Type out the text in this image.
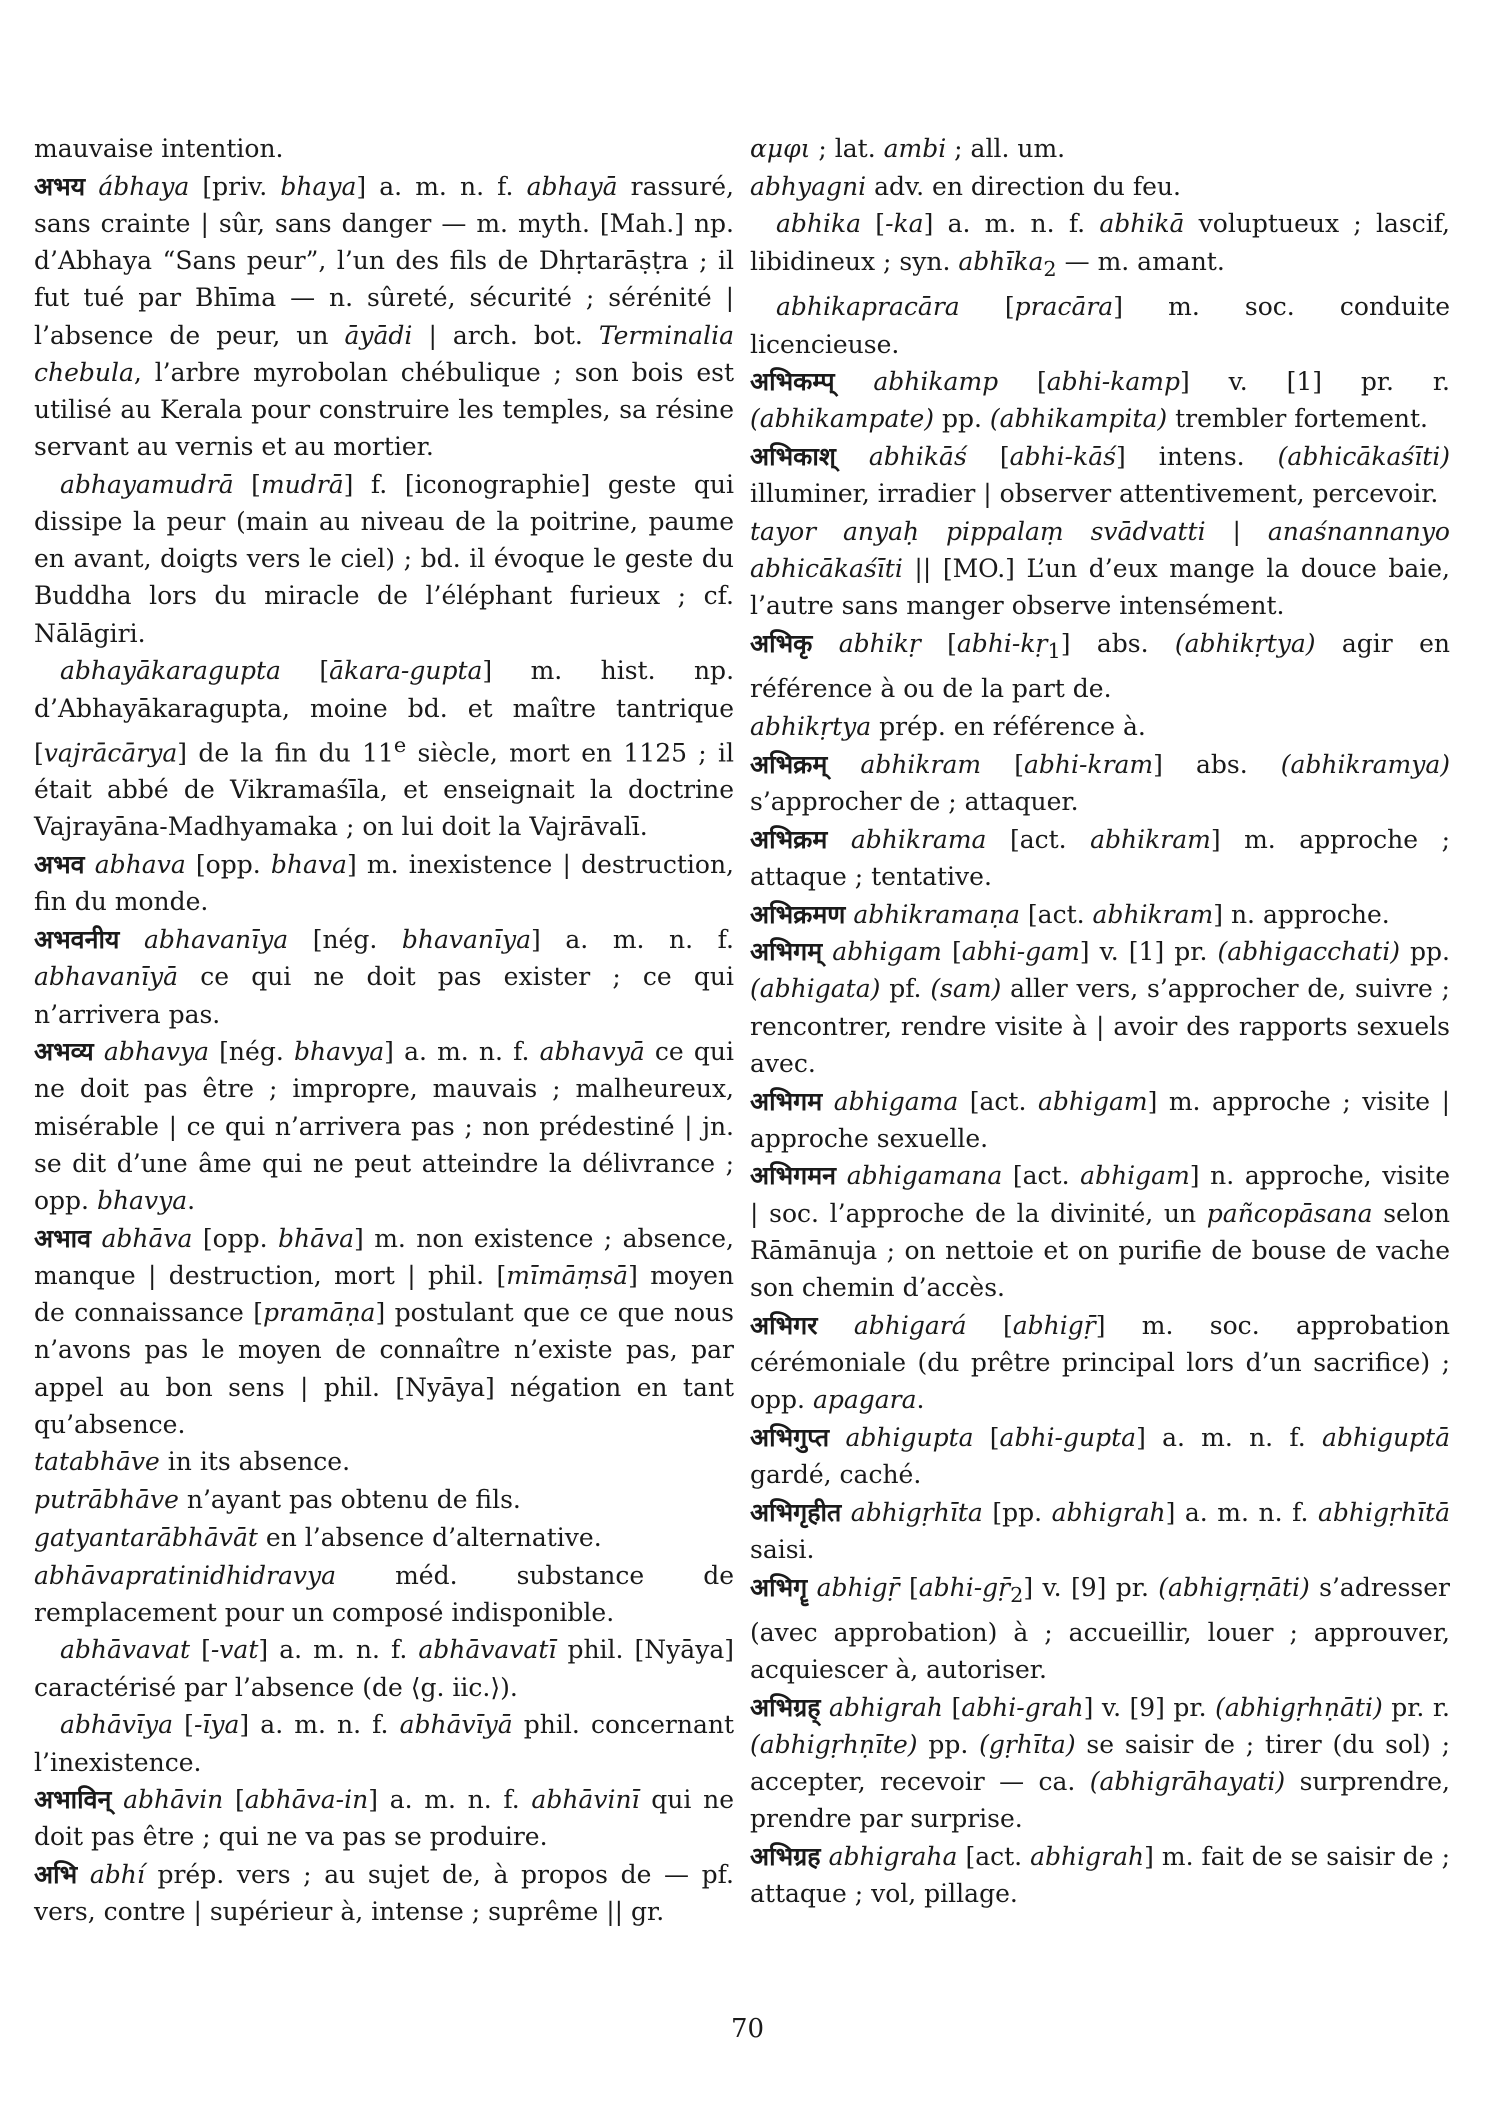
mauvaise intention.

अभय ábhaya [priv. bhaya] a. m. n. f. abhayā rassuré, sans crainte | sûr, sans danger — m. myth. [Mah.] np. d’Abhaya “Sans peur”, l’un des fils de Dhṛtarāṣṭra ; il fut tué par Bhīma — n. sûreté, sécurité ; sérénité | l’absence de peur, un āyādi | arch. bot. Terminalia chebula, l’arbre myrobolan chébulique ; son bois est utilisé au Kerala pour construire les temples, sa résine servant au vernis et au mortier.

abhayamudrā [mudrā] f. [iconographie] geste qui dissipe la peur (main au niveau de la poitrine, paume en avant, doigts vers le ciel) ; bd. il évoque le geste du Buddha lors du miracle de l’éléphant furieux ; cf. Nālāgiri.

abhayākaragupta [ākara-gupta] m. hist. np. d’Abhayākaragupta, moine bd. et maître tantrique [vajrācārya] de la fin du 11e siècle, mort en 1125 ; il était abbé de Vikramaśīla, et enseignait la doctrine Vajrayāna-Madhyamaka ; on lui doit la Vajrāvalī.

अभव abhava [opp. bhava] m. inexistence | destruction, fin du monde.

अभवनीय abhavanīya [nég. bhavanīya] a. m. n. f. abhavanīyā ce qui ne doit pas exister ; ce qui n’arrivera pas.

अभव्य abhavya [nég. bhavya] a. m. n. f. abhavyā ce qui ne doit pas être ; impropre, mauvais ; malheureux, misérable | ce qui n’arrivera pas ; non prédestiné | jn. se dit d’une âme qui ne peut atteindre la délivrance ; opp. bhavya.

अभाव abhāva [opp. bhāva] m. non existence ; absence, manque | destruction, mort | phil. [mīmāṃsā] moyen de connaissance [pramāṇa] postulant que ce que nous n’avons pas le moyen de connaître n’existe pas, par appel au bon sens | phil. [Nyāya] négation en tant qu’absence.

tatabhāve in its absence.

putrābhāve n’ayant pas obtenu de fils.

gatyantarābhāvāt en l’absence d’alternative.

abhāvapratinidhidravya méd. substance de remplacement pour un composé indisponible.

abhāvavat [-vat] a. m. n. f. abhāvavatī phil. [Nyāya] caractérisé par l’absence (de ⟨g. iic.⟩).

abhāvīya [-īya] a. m. n. f. abhāvīyā phil. concernant l’inexistence.

अभाविन् abhāvin [abhāva-in] a. m. n. f. abhāvinī qui ne doit pas être ; qui ne va pas se produire.

अभि abhí prép. vers ; au sujet de, à propos de — pf. vers, contre | supérieur à, intense ; suprême || gr.

αμφι ; lat. ambi ; all. um.

abhyagni adv. en direction du feu.

abhika [-ka] a. m. n. f. abhikā voluptueux ; lascif, libidineux ; syn. abhīka$_2$ — m. amant.

abhikapracāra [pracāra] m. soc. conduite licencieuse.

अभिकम्प् abhikamp [abhi-kamp] v. [1] pr. r. (abhikampate) pp. (abhikampita) trembler fortement.

अभिकाश् abhikāś [abhi-kāś] intens. (abhicākaśīti) illuminer, irradier | observer attentivement, percevoir.

tayor anyaḥ pippalaṃ svādvatti | anaśnannanyo abhicākaśīti || [MO.] L’un d’eux mange la douce baie, l’autre sans manger observe intensément.

अभिकृ abhikṛ [abhi-kṛ$_1$] abs. (abhikṛtya) agir en référence à ou de la part de.

abhikṛtya prép. en référence à.

अभिक्रम् abhikram [abhi-kram] abs. (abhikramya) s’approcher de ; attaquer.

अभिक्रम abhikrama [act. abhikram] m. approche ; attaque ; tentative.

अभिक्रमण abhikramaṇa [act. abhikram] n. approche.

अभिगम् abhigam [abhi-gam] v. [1] pr. (abhigacchati) pp. (abhigata) pf. (sam) aller vers, s’approcher de, suivre ; rencontrer, rendre visite à | avoir des rapports sexuels avec.

अभिगम abhigama [act. abhigam] m. approche ; visite | approche sexuelle.

अभिगमन abhigamana [act. abhigam] n. approche, visite | soc. l’approche de la divinité, un pañcopāsana selon Rāmānuja ; on nettoie et on purifie de bouse de vache son chemin d’accès.

अभिगर abhigará [abhigṝ] m. soc. approbation cérémoniale (du prêtre principal lors d’un sacrifice) ; opp. apagara.

अभिगुप्त abhigupta [abhi-gupta] a. m. n. f. abhiguptā gardé, caché.

अभिगृहीत abhigṛhīta [pp. abhigrah] a. m. n. f. abhigṛhītā saisi.

अभिगॄ abhigṝ [abhi-gṝ$_2$] v. [9] pr. (abhigṛṇāti) s’adresser (avec approbation) à ; accueillir, louer ; approuver, acquiescer à, autoriser.

अभिग्रह् abhigrah [abhi-grah] v. [9] pr. (abhigṛhṇāti) pr. r. (abhigṛhṇīte) pp. (gṛhīta) se saisir de ; tirer (du sol) ; accepter, recevoir — ca. (abhigrāhayati) surprendre, prendre par surprise.

अभिग्रह abhigraha [act. abhigrah] m. fait de se saisir de ; attaque ; vol, pillage.

70
